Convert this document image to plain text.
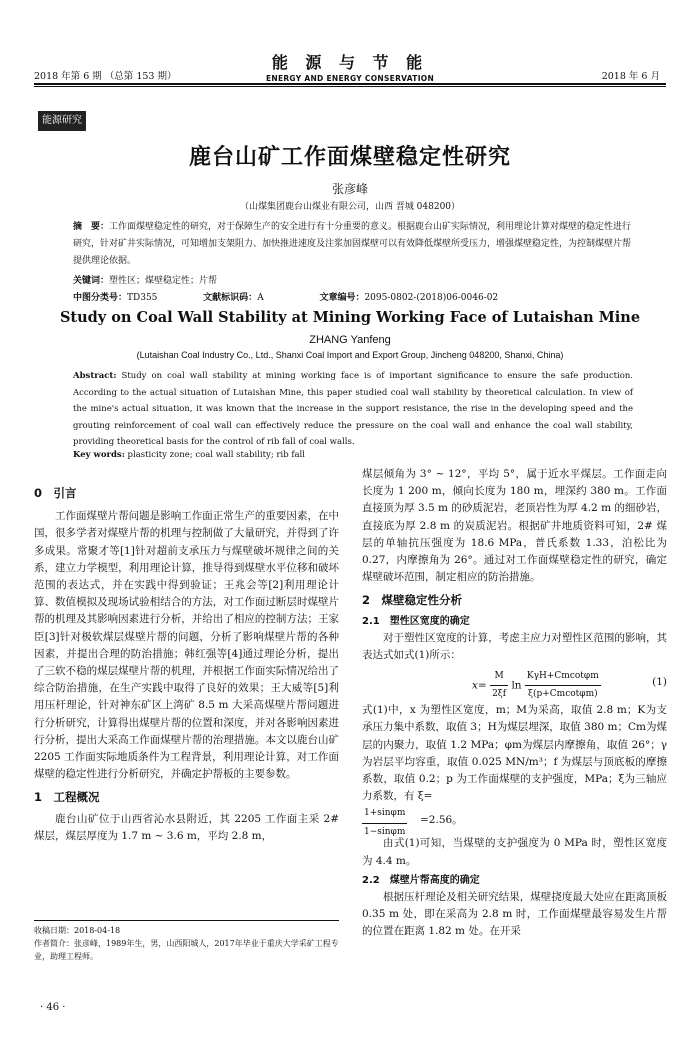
2018 年第 6 期 （总第 153 期）
能 源 与 节 能
ENERGY AND ENERGY CONSERVATION	2018 年 6 月
能源研究
鹿台山矿工作面煤壁稳定性研究
张彦峰
（山煤集团鹿台山煤业有限公司，山西 晋城 048200）
摘　要：工作面煤壁稳定性的研究，对于保障生产的安全进行有十分重要的意义。根据鹿台山矿实际情况，利用理论计算对煤壁的稳定性进行研究，针对矿井实际情况，可知增加支架阻力、加快推进速度及注浆加固煤壁可以有效降低煤壁所受压力，增强煤壁稳定性，为控制煤壁片帮提供理论依据。
关键词：塑性区；煤壁稳定性；片帮
中图分类号：TD355	文献标识码：A	文章编号：2095-0802-(2018)06-0046-02
Study on Coal Wall Stability at Mining Working Face of Lutaishan Mine
ZHANG Yanfeng
(Lutaishan Coal Industry Co., Ltd., Shanxi Coal Import and Export Group, Jincheng 048200, Shanxi, China)
Abstract: Study on coal wall stability at mining working face is of important significance to ensure the safe production. According to the actual situation of Lutaishan Mine, this paper studied coal wall stability by theoretical calculation. In view of the mine's actual situation, it was known that the increase in the support resistance, the rise in the developing speed and the grouting reinforcement of coal wall can effectively reduce the pressure on the coal wall and enhance the coal wall stability, providing theoretical basis for the control of rib fall of coal walls.
Key words: plasticity zone; coal wall stability; rib fall

0　引言

工作面煤壁片帮问题是影响工作面正常生产的重要因素，在中国，很多学者对煤壁片帮的机理与控制做了大量研究，并得到了许多成果。常聚才等[1]针对超前支承压力与煤壁破坏规律之间的关系，建立力学模型，利用理论计算，推导得到煤壁水平位移和破坏范围的表达式，并在实践中得到验证；王兆会等[2]利用理论计算、数值模拟及现场试验相结合的方法，对工作面过断层时煤壁片帮的机理及其影响因素进行分析，并给出了相应的控制方法；王家臣[3]针对极软煤层煤壁片帮的问题，分析了影响煤壁片帮的各种因素，并提出合理的防治措施；韩红强等[4]通过理论分析，提出了三软不稳的煤层煤壁片帮的机理，并根据工作面实际情况给出了综合防治措施，在生产实践中取得了良好的效果；王大威等[5]利用压杆理论，针对神东矿区上湾矿 8.5 m 大采高煤壁片帮问题进行分析研究，计算得出煤壁片帮的位置和深度，并对各影响因素进行分析，提出大采高工作面煤壁片帮的治理措施。本文以鹿台山矿 2205 工作面实际地质条件为工程背景，利用理论计算，对工作面煤壁的稳定性进行分析研究，并确定护帮板的主要参数。

1　工程概况

鹿台山矿位于山西省沁水县附近，其 2205 工作面主采 2# 煤层，煤层厚度为 1.7 m ~ 3.6 m，平均 2.8 m，

收稿日期：2018-04-18
作者简介：张彦峰，1989年生，男，山西阳城人，2017年毕业于重庆大学采矿工程专业，助理工程师。
· 46 ·

煤层倾角为 3° ~ 12°，平均 5°，属于近水平煤层。工作面走向长度为 1 200 m，倾向长度为 180 m，埋深约 380 m。工作面直接顶为厚 3.5 m 的砂质泥岩，老顶岩性为厚 4.2 m 的细砂岩，直接底为厚 2.8 m 的炭质泥岩。根据矿井地质资料可知，2# 煤层的单轴抗压强度为 18.6 MPa，普氏系数 1.33，泊松比为 0.27，内摩擦角为 26°。通过对工作面煤壁稳定性的研究，确定煤壁破坏范围，制定相应的防治措施。

2　煤壁稳定性分析

2.1　塑性区宽度的确定

对于塑性区宽度的计算，考虑主应力对塑性区范围的影响，其表达式如式(1)所示：

$x= \frac{M}{2\xi f}$ $\ln \frac{\text{KγH+Cmcotφm}}{\xi(p+Cmcot\varphi m)}$	(1)

式(1)中，x 为塑性区宽度，m；M为采高，取值 2.8 m；K为支承压力集中系数，取值 3；H为煤层埋深，取值 380 m；Cm为煤层的内聚力，取值 1.2 MPa；φm为煤层内摩擦角，取值 26°；γ为岩层平均容重，取值 0.025 MN/m³；f 为煤层与顶底板的摩擦系数，取值 0.2；p 为工作面煤壁的支护强度，MPa；ξ为三轴应力系数，有 ξ=

$\frac{1+\sin\varphi m}{1-\sin\varphi m} =2.56$。

由式(1)可知，当煤壁的支护强度为 0 MPa 时，塑性区宽度为 4.4 m。

2.2　煤壁片帮高度的确定

根据压杆理论及相关研究结果，煤壁挠度最大处应在距离顶板 0.35 m 处，即在采高为 2.8 m 时，工作面煤壁最容易发生片帮的位置在距离 1.82 m 处。在开采
